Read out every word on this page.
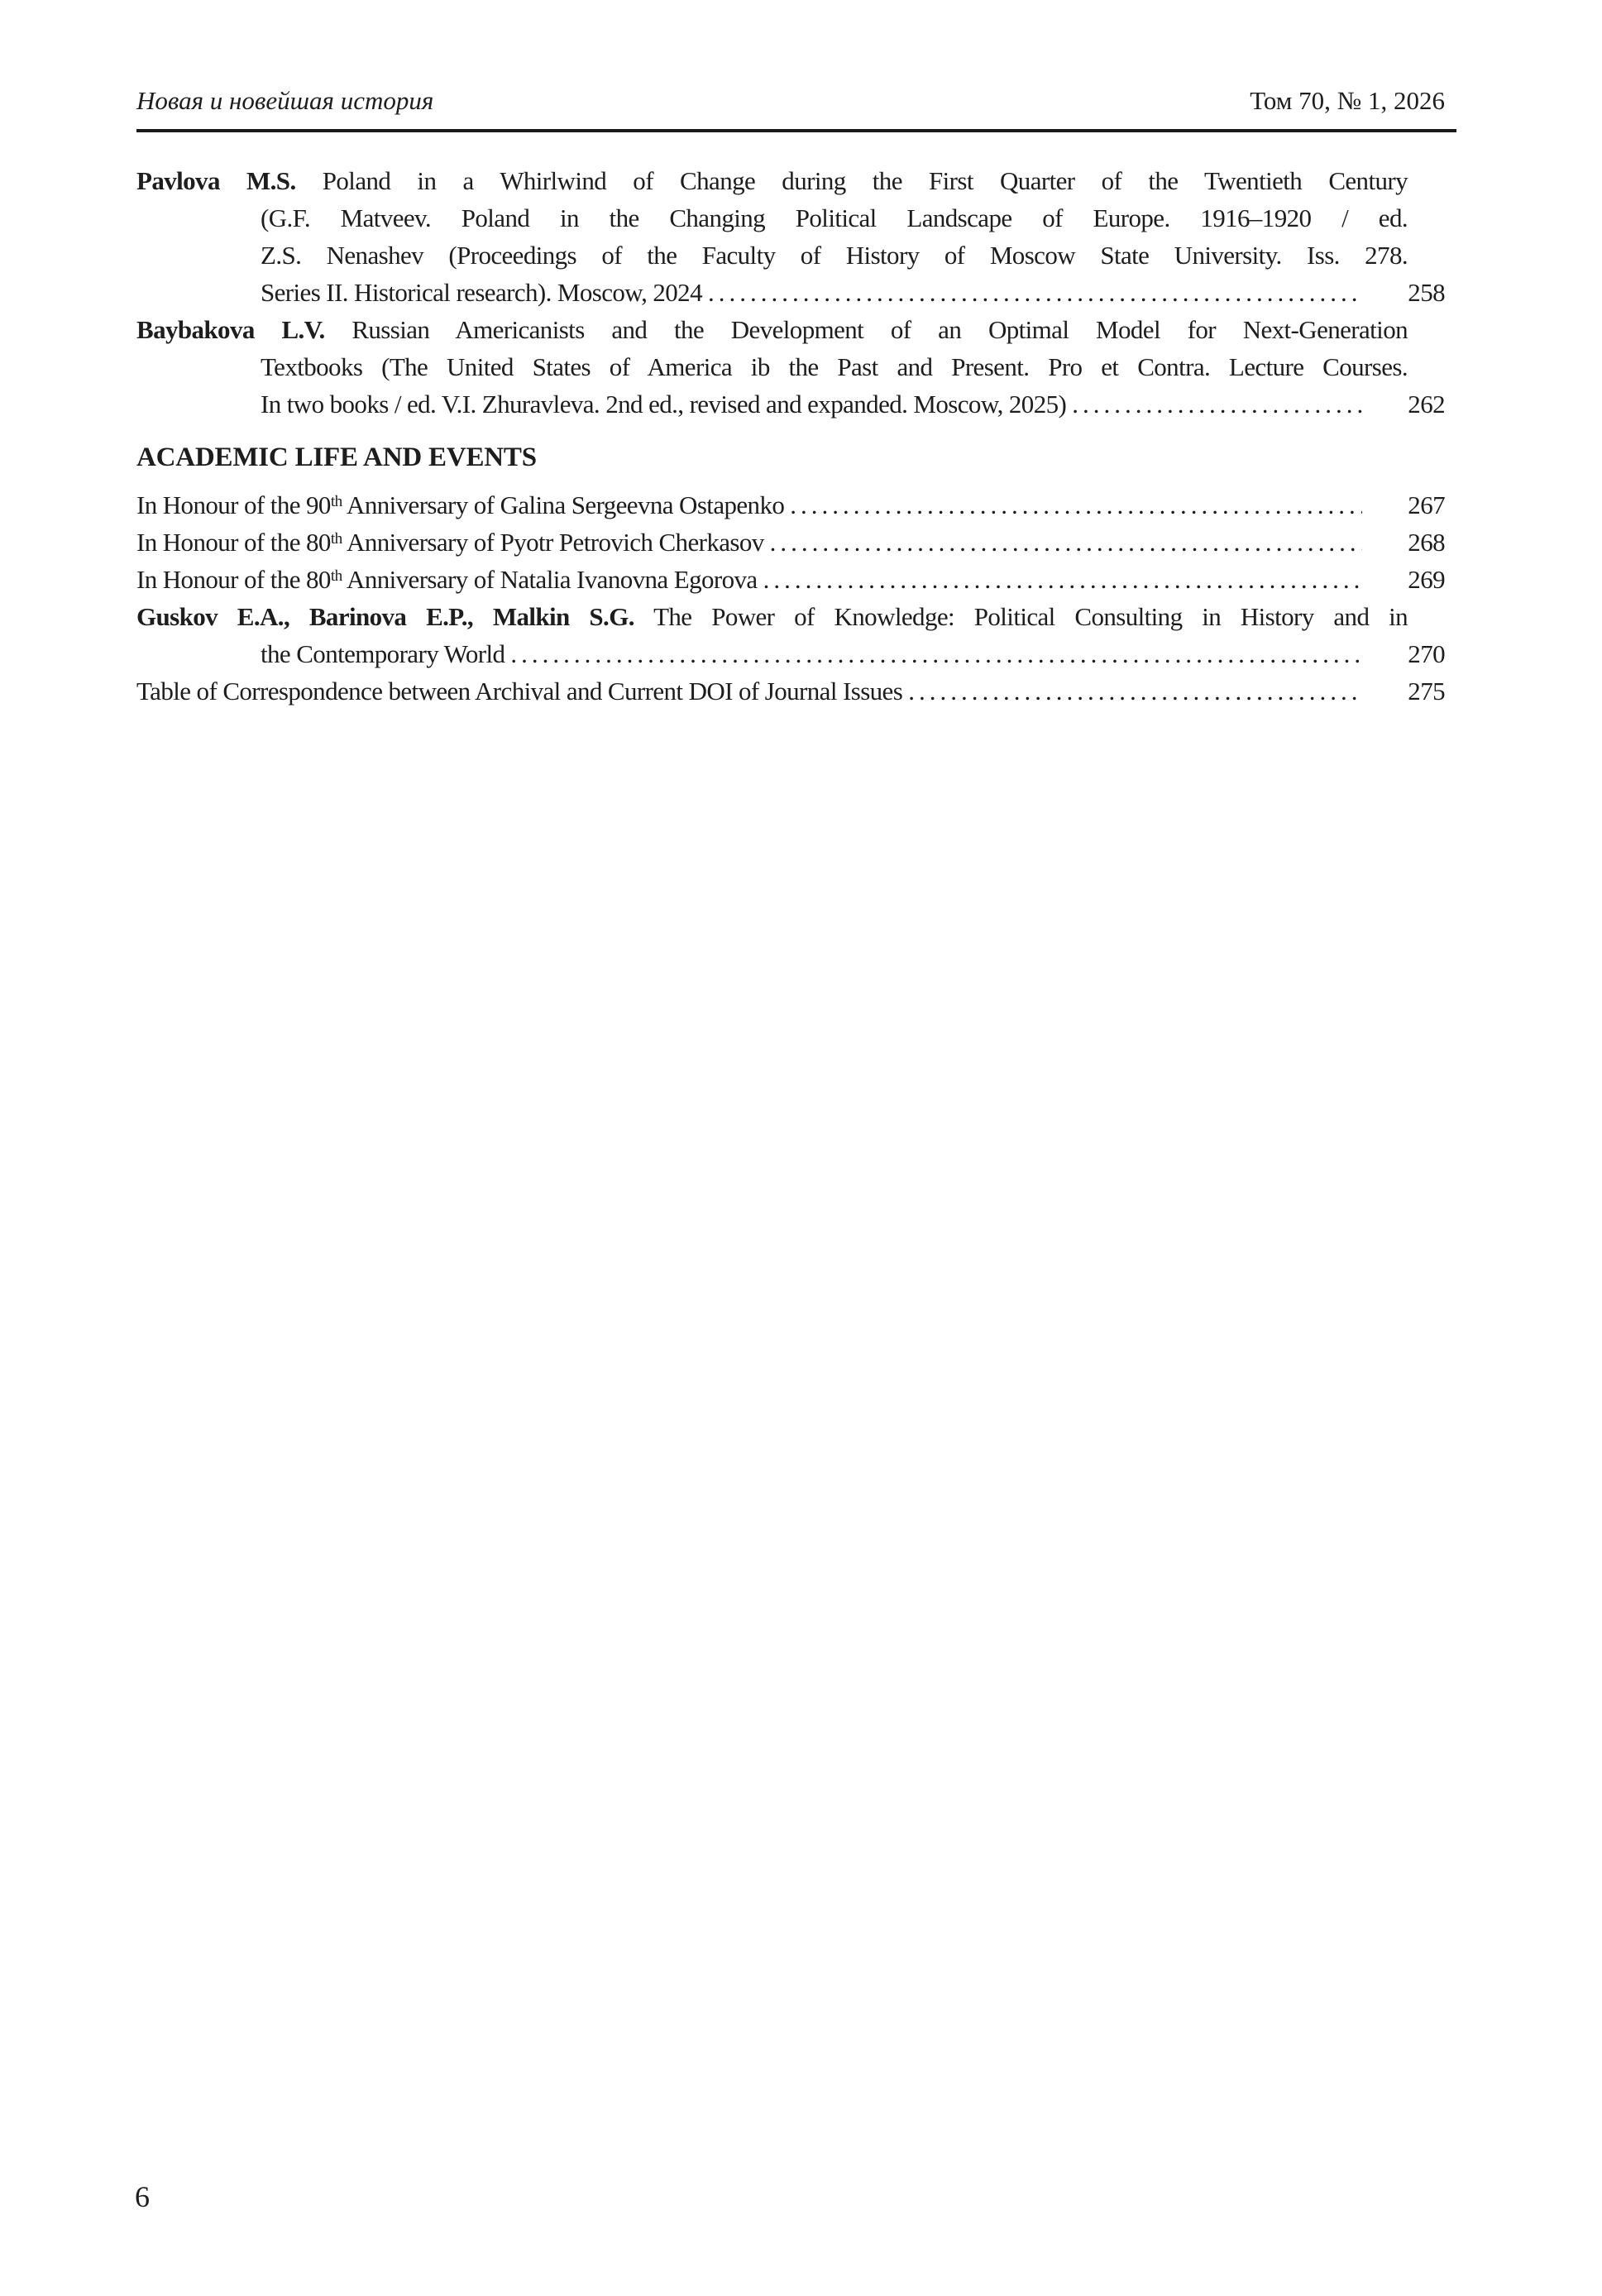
Новая и новейшая история	Том 70, № 1, 2026
Pavlova M.S. Poland in a Whirlwind of Change during the First Quarter of the Twentieth Century
(G.F. Matveev. Poland in the Changing Political Landscape of Europe. 1916–1920 / ed.
Z.S. Nenashev (Proceedings of the Faculty of History of Moscow State University. Iss. 278.
Series II. Historical research). Moscow, 2024 .....	258
Baybakova L.V. Russian Americanists and the Development of an Optimal Model for Next-Generation
Textbooks (The United States of America ib the Past and Present. Pro et Contra. Lecture Courses.
In two books / ed. V.I. Zhuravleva. 2nd ed., revised and expanded. Moscow, 2025) .....	262
ACADEMIC LIFE AND EVENTS
In Honour of the 90th Anniversary of Galina Sergeevna Ostapenko .....	267
In Honour of the 80th Anniversary of Pyotr Petrovich Cherkasov .....	268
In Honour of the 80th Anniversary of Natalia Ivanovna Egorova .....	269
Guskov E.A., Barinova E.P., Malkin S.G. The Power of Knowledge: Political Consulting in History and in
the Contemporary World .....	270
Table of Correspondence between Archival and Current DOI of Journal Issues .....	275
6
